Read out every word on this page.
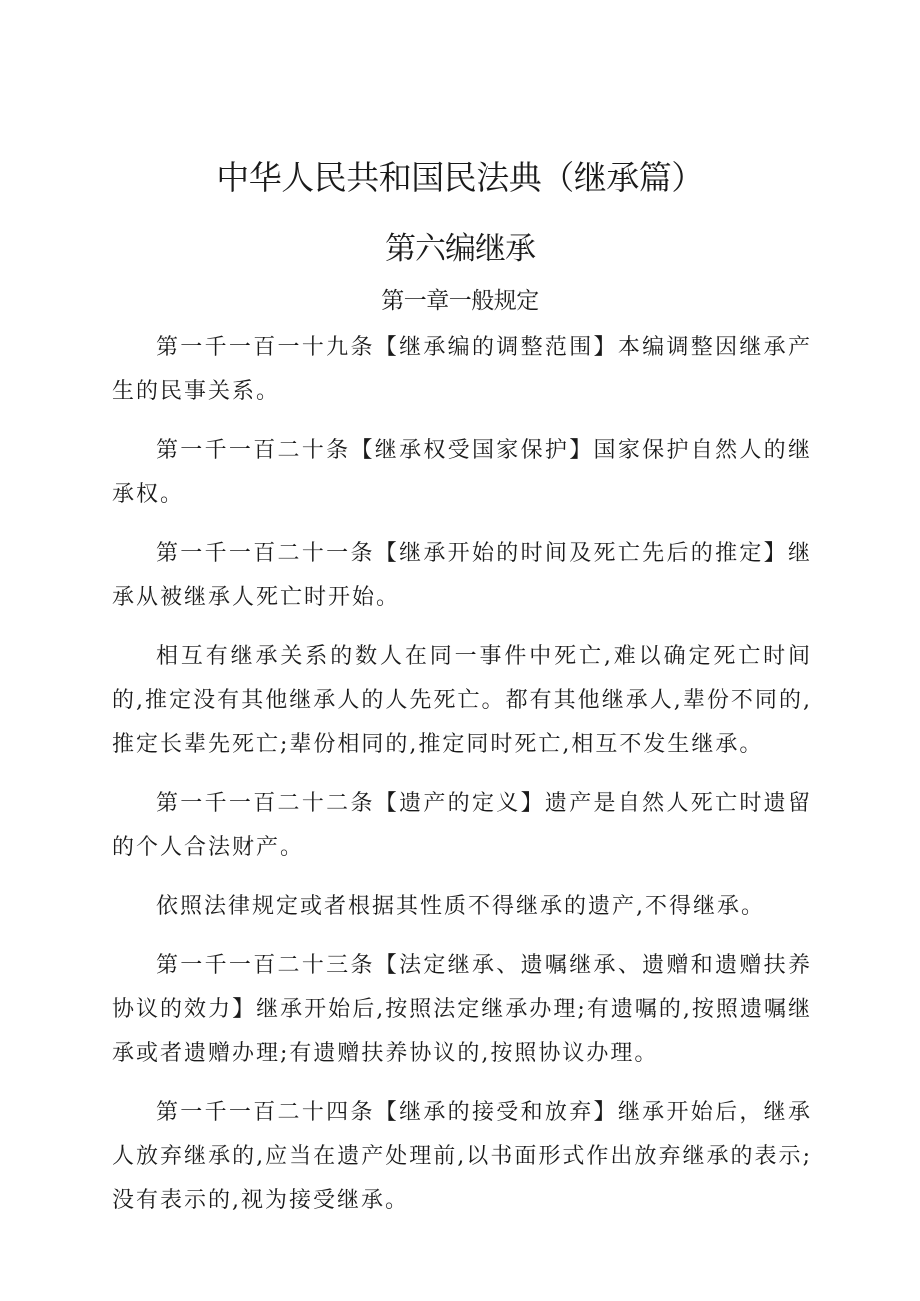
中华人民共和国民法典（继承篇）
第六编继承
第一章一般规定

第一千一百一十九条【继承编的调整范围】本编调整因继承产生的民事关系。

第一千一百二十条【继承权受国家保护】国家保护自然人的继承权。

第一千一百二十一条【继承开始的时间及死亡先后的推定】继承从被继承人死亡时开始。

相互有继承关系的数人在同一事件中死亡,难以确定死亡时间的,推定没有其他继承人的人先死亡。都有其他继承人,辈份不同的,推定长辈先死亡;辈份相同的,推定同时死亡,相互不发生继承。

第一千一百二十二条【遗产的定义】遗产是自然人死亡时遗留的个人合法财产。

依照法律规定或者根据其性质不得继承的遗产,不得继承。

第一千一百二十三条【法定继承、遗嘱继承、遗赠和遗赠扶养协议的效力】继承开始后,按照法定继承办理;有遗嘱的,按照遗嘱继承或者遗赠办理;有遗赠扶养协议的,按照协议办理。

第一千一百二十四条【继承的接受和放弃】继承开始后，继承人放弃继承的,应当在遗产处理前,以书面形式作出放弃继承的表示;没有表示的,视为接受继承。
